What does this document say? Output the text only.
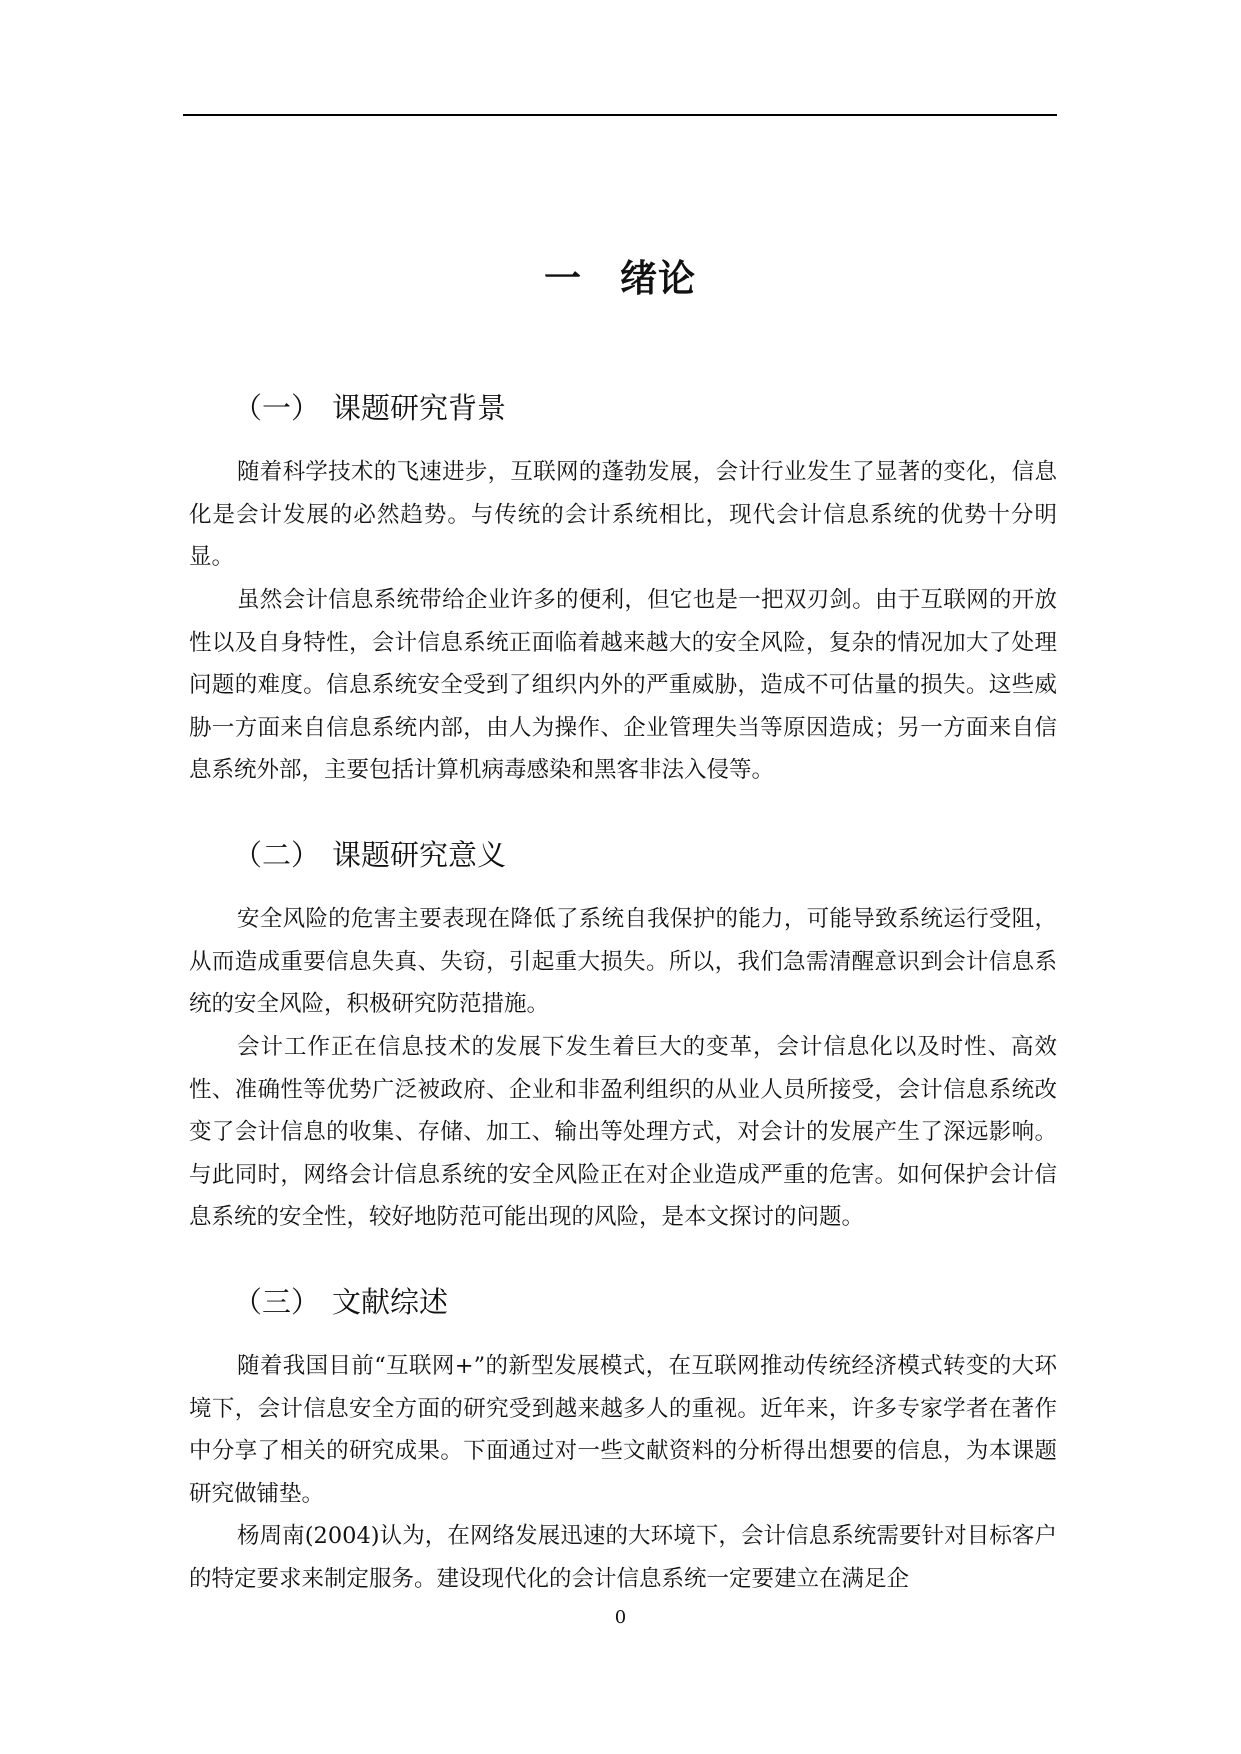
一 绪论
（一） 课题研究背景

随着科学技术的飞速进步，互联网的蓬勃发展，会计行业发生了显著的变化，信息化是会计发展的必然趋势。与传统的会计系统相比，现代会计信息系统的优势十分明显。

虽然会计信息系统带给企业许多的便利，但它也是一把双刃剑。由于互联网的开放性以及自身特性，会计信息系统正面临着越来越大的安全风险，复杂的情况加大了处理问题的难度。信息系统安全受到了组织内外的严重威胁，造成不可估量的损失。这些威胁一方面来自信息系统内部，由人为操作、企业管理失当等原因造成；另一方面来自信息系统外部，主要包括计算机病毒感染和黑客非法入侵等。

（二） 课题研究意义

安全风险的危害主要表现在降低了系统自我保护的能力，可能导致系统运行受阻，从而造成重要信息失真、失窃，引起重大损失。所以，我们急需清醒意识到会计信息系统的安全风险，积极研究防范措施。

会计工作正在信息技术的发展下发生着巨大的变革，会计信息化以及时性、高效性、准确性等优势广泛被政府、企业和非盈利组织的从业人员所接受，会计信息系统改变了会计信息的收集、存储、加工、输出等处理方式，对会计的发展产生了深远影响。与此同时，网络会计信息系统的安全风险正在对企业造成严重的危害。如何保护会计信息系统的安全性，较好地防范可能出现的风险，是本文探讨的问题。

（三） 文献综述

随着我国目前“互联网+”的新型发展模式，在互联网推动传统经济模式转变的大环境下，会计信息安全方面的研究受到越来越多人的重视。近年来，许多专家学者在著作中分享了相关的研究成果。下面通过对一些文献资料的分析得出想要的信息，为本课题研究做铺垫。

杨周南(2004)认为，在网络发展迅速的大环境下，会计信息系统需要针对目标客户的特定要求来制定服务。建设现代化的会计信息系统一定要建立在满足企

0
